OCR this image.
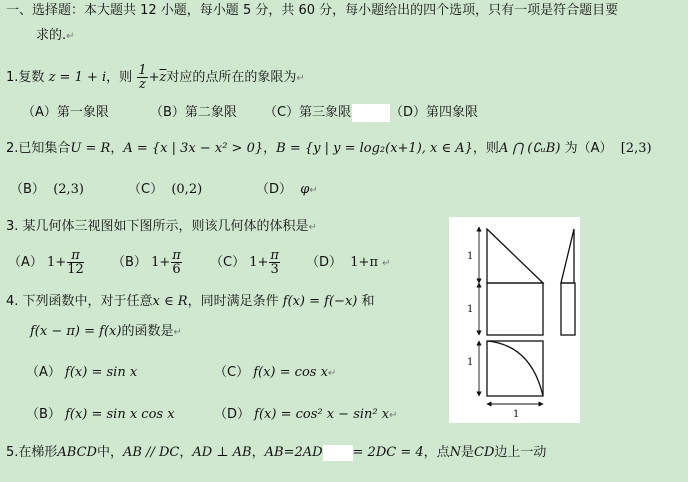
一、选择题：本大题共 12 小题，每小题 5 分，共 60 分，每小题给出的四个选项，只有一项是符合题目要
求的.↵
1.复数 z = 1 + i，则 $\frac{1}{z} +\overline{z}$对应的点所在的象限为↵
（A）第一象限	（B）第二象限 （C）第三象限	（D）第四象限
2.已知集合U = R，A = {x | 3x − x² > 0}，B = {y | y = log₂(x+1), x ∈ A}，则A ⋂ (∁ᵤB) 为（A） [2,3)
（B） (2,3)	（C） (0,2)	（D） φ↵
3. 某几何体三视图如下图所示，则该几何体的体积是↵
（A） $1+ \frac{\pi}{12} (B)$ $1+ \frac{\pi}{6} (C)$ $1+ \frac{\pi}{3} (D)$ 1+π ↵
4. 下列函数中，对于任意x ∈ R，同时满足条件 f(x) = f(−x) 和
f(x − π) = f(x)的函数是↵
（A） f(x) = sin x	（C） f(x) = cos x↵
（B） f(x) = sin x cos x	（D） f(x) = cos² x − sin² x↵
5.在梯形ABCD中，AB // DC，AD ⊥ AB，AB=2AD = 2DC = 4，点N是CD边上一动
1
1
1
1
